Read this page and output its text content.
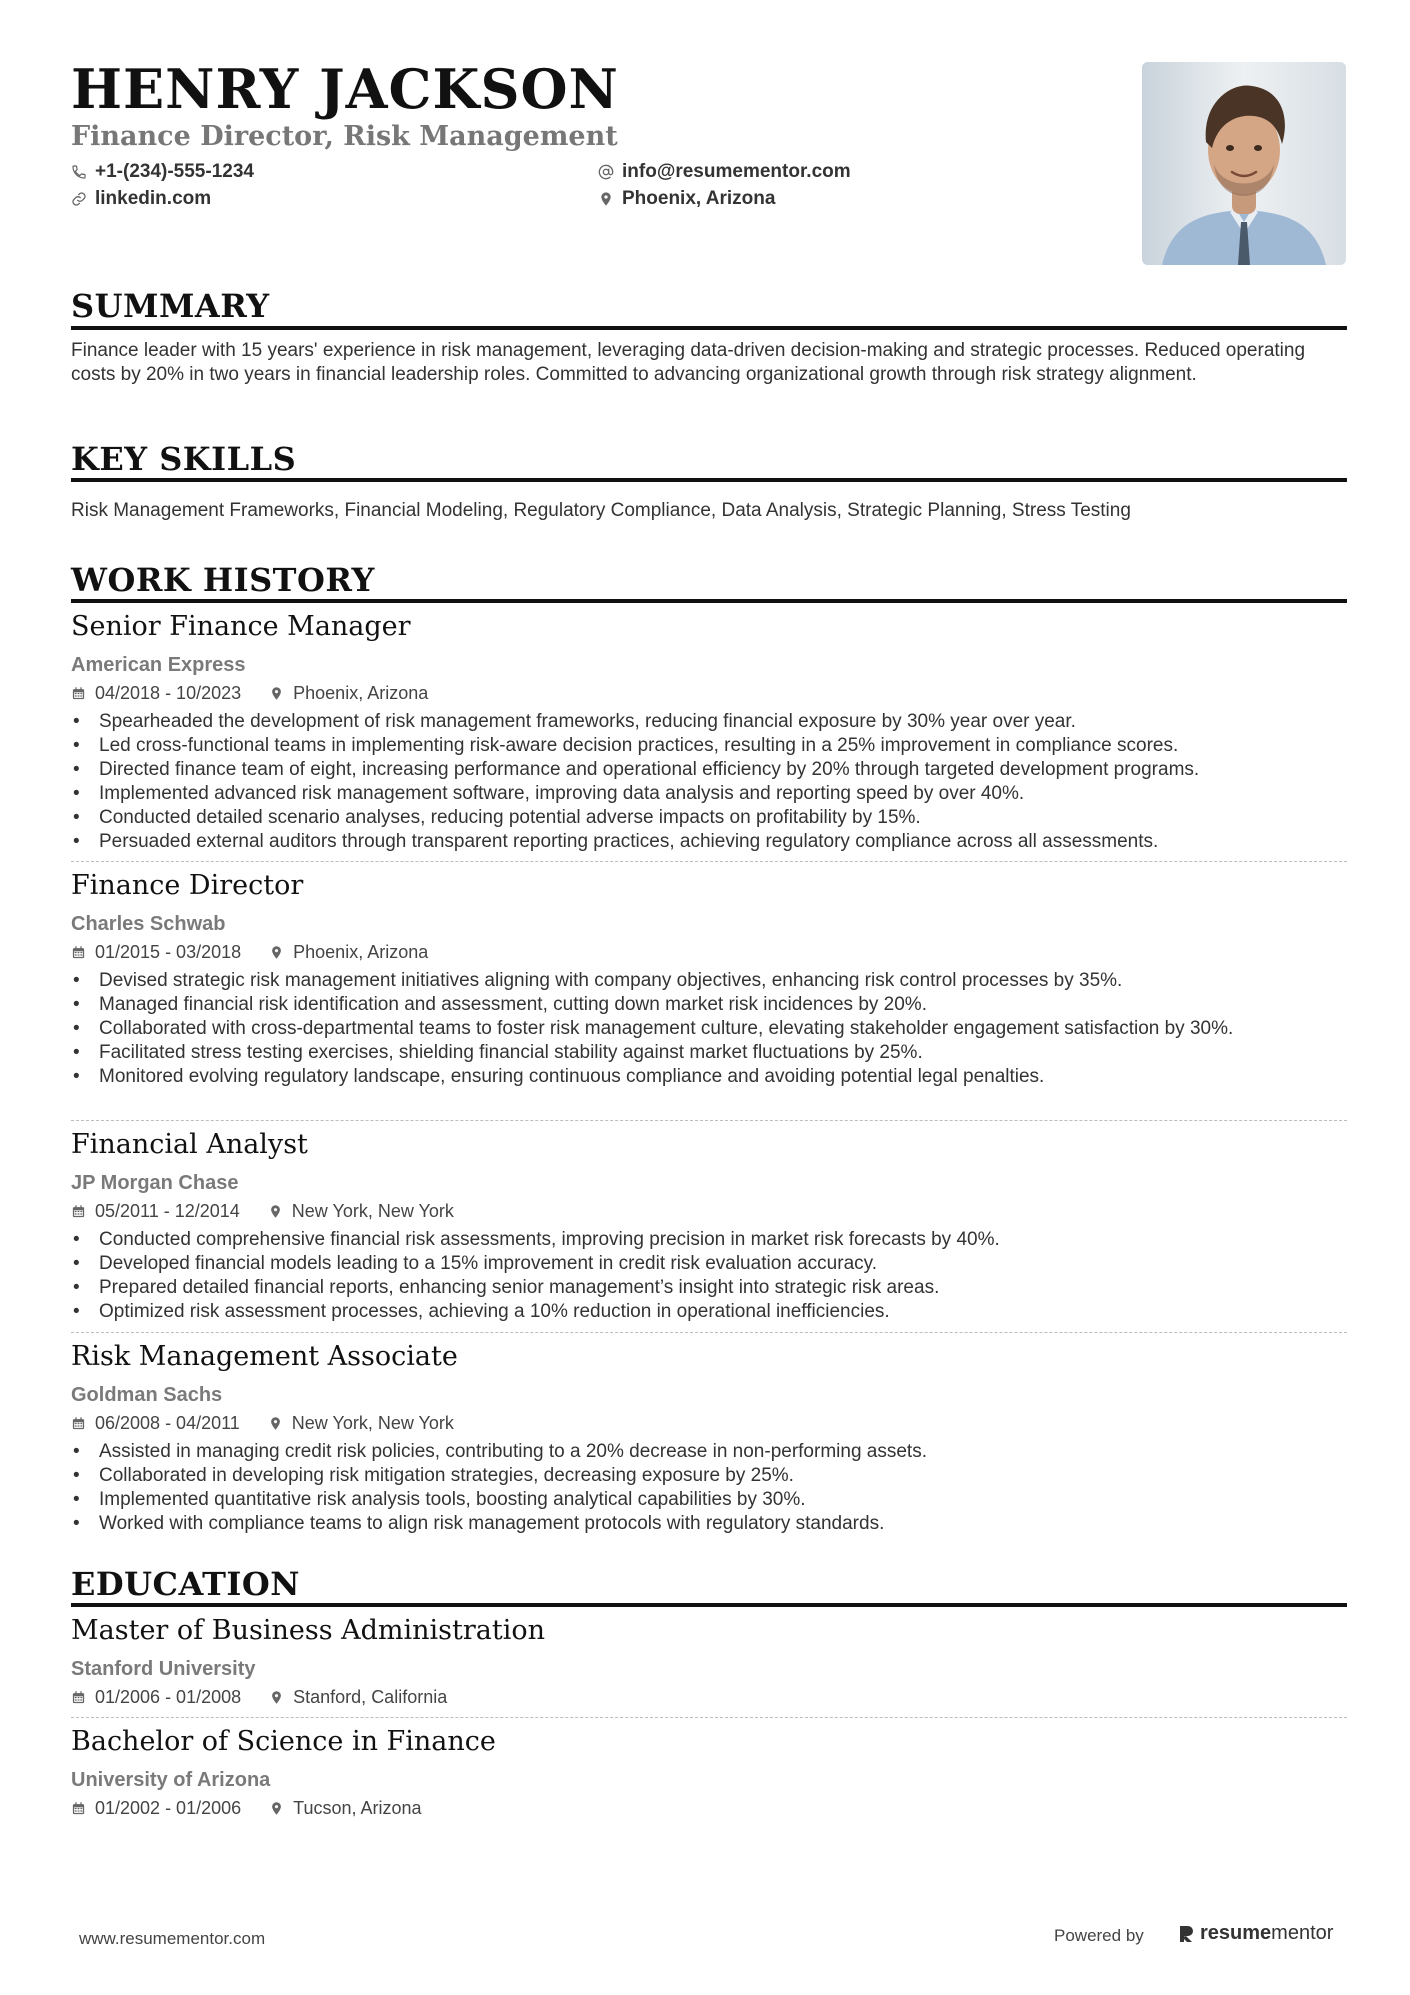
HENRY JACKSON
Finance Director, Risk Management
+1-(234)-555-1234
linkedin.com
info@resumementor.com
Phoenix, Arizona
SUMMARY
Finance leader with 15 years' experience in risk management, leveraging data-driven decision-making and strategic processes. Reduced operating costs by 20% in two years in financial leadership roles. Committed to advancing organizational growth through risk strategy alignment.
KEY SKILLS
Risk Management Frameworks, Financial Modeling, Regulatory Compliance, Data Analysis, Strategic Planning, Stress Testing
WORK HISTORY
Senior Finance Manager
American Express
04/2018 - 10/2023	Phoenix, Arizona
• Spearheaded the development of risk management frameworks, reducing financial exposure by 30% year over year.
• Led cross-functional teams in implementing risk-aware decision practices, resulting in a 25% improvement in compliance scores.
• Directed finance team of eight, increasing performance and operational efficiency by 20% through targeted development programs.
• Implemented advanced risk management software, improving data analysis and reporting speed by over 40%.
• Conducted detailed scenario analyses, reducing potential adverse impacts on profitability by 15%.
• Persuaded external auditors through transparent reporting practices, achieving regulatory compliance across all assessments.
Finance Director
Charles Schwab
01/2015 - 03/2018	Phoenix, Arizona
• Devised strategic risk management initiatives aligning with company objectives, enhancing risk control processes by 35%.
• Managed financial risk identification and assessment, cutting down market risk incidences by 20%.
• Collaborated with cross-departmental teams to foster risk management culture, elevating stakeholder engagement satisfaction by 30%.
• Facilitated stress testing exercises, shielding financial stability against market fluctuations by 25%.
• Monitored evolving regulatory landscape, ensuring continuous compliance and avoiding potential legal penalties.
Financial Analyst
JP Morgan Chase
05/2011 - 12/2014	New York, New York
• Conducted comprehensive financial risk assessments, improving precision in market risk forecasts by 40%.
• Developed financial models leading to a 15% improvement in credit risk evaluation accuracy.
• Prepared detailed financial reports, enhancing senior management’s insight into strategic risk areas.
• Optimized risk assessment processes, achieving a 10% reduction in operational inefficiencies.
Risk Management Associate
Goldman Sachs
06/2008 - 04/2011	New York, New York
• Assisted in managing credit risk policies, contributing to a 20% decrease in non-performing assets.
• Collaborated in developing risk mitigation strategies, decreasing exposure by 25%.
• Implemented quantitative risk analysis tools, boosting analytical capabilities by 30%.
• Worked with compliance teams to align risk management protocols with regulatory standards.
EDUCATION
Master of Business Administration
Stanford University
01/2006 - 01/2008	Stanford, California
Bachelor of Science in Finance
University of Arizona
01/2002 - 01/2006	Tucson, Arizona
www.resumementor.com	Powered by	resumementor
